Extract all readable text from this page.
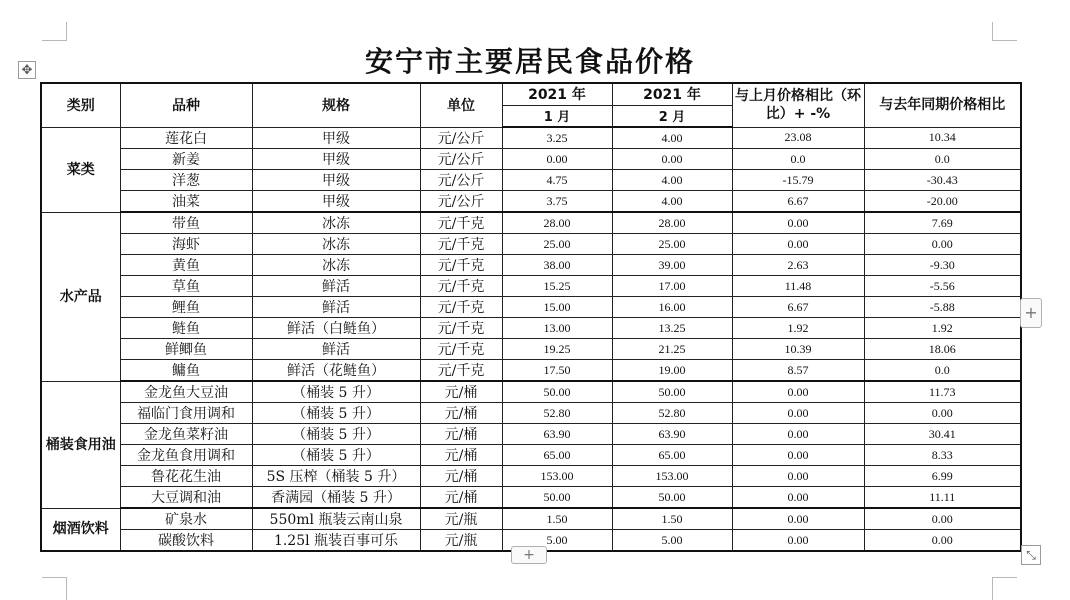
✥	安宁市主要居民食品价格
类别	品种	规格	单位	2021 年	2021 年	与上月价格相比（环比）+ -%	与去年同期价格相比
				1 月	2 月		
菜类	莲花白	甲级	元/公斤	3.25	4.00	23.08	10.34
	新姜	甲级	元/公斤	0.00	0.00	0.0	0.0
	洋葱	甲级	元/公斤	4.75	4.00	-15.79	-30.43
	油菜	甲级	元/公斤	3.75	4.00	6.67	-20.00
水产品	带鱼	冰冻	元/千克	28.00	28.00	0.00	7.69
	海虾	冰冻	元/千克	25.00	25.00	0.00	0.00
	黄鱼	冰冻	元/千克	38.00	39.00	2.63	-9.30
	草鱼	鲜活	元/千克	15.25	17.00	11.48	-5.56
	鲤鱼	鲜活	元/千克	15.00	16.00	6.67	-5.88
	鲢鱼	鲜活（白鲢鱼）	元/千克	13.00	13.25	1.92	1.92
	鲜鲫鱼	鲜活	元/千克	19.25	21.25	10.39	18.06
	鳙鱼	鲜活（花鲢鱼）	元/千克	17.50	19.00	8.57	0.0
桶装食用油	金龙鱼大豆油	（桶装 5 升）	元/桶	50.00	50.00	0.00	11.73
	福临门食用调和	（桶装 5 升）	元/桶	52.80	52.80	0.00	0.00
	金龙鱼菜籽油	（桶装 5 升）	元/桶	63.90	63.90	0.00	30.41
	金龙鱼食用调和	（桶装 5 升）	元/桶	65.00	65.00	0.00	8.33
	鲁花花生油	5S 压榨（桶装 5 升）	元/桶	153.00	153.00	0.00	6.99
	大豆调和油	香满园（桶装 5 升）	元/桶	50.00	50.00	0.00	11.11
烟酒饮料	矿泉水	550ml 瓶装云南山泉	元/瓶	1.50	1.50	0.00	0.00
	碳酸饮料	1.25l 瓶装百事可乐	元/瓶	5.00	5.00	0.00	0.00
+
+	⤡
